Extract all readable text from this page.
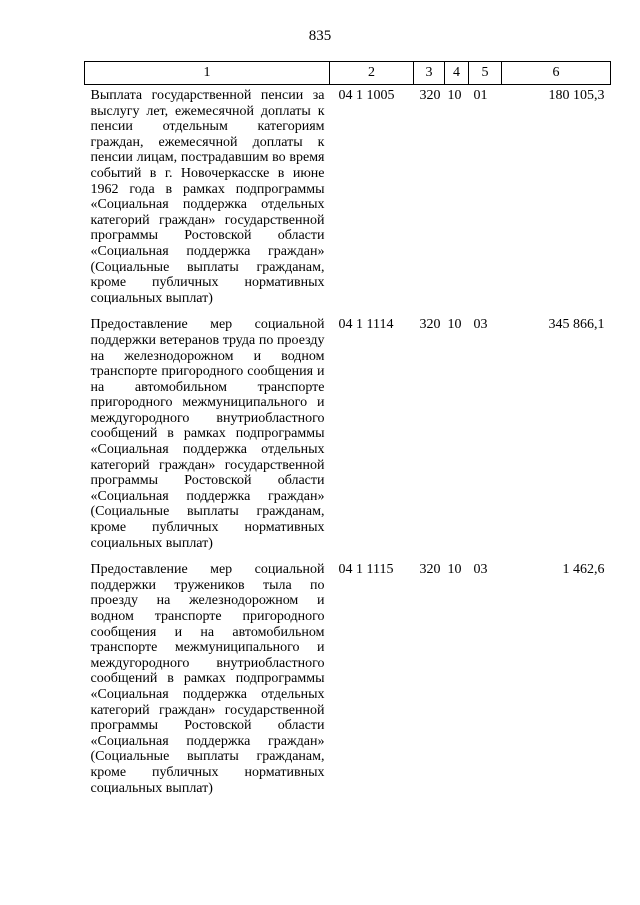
835
1	2	3	4	5	6
Выплата государственной пенсии за выслугу лет, ежемесячной доплаты к пенсии отдельным категориям граждан, ежемесячной доплаты к пенсии лицам, пострадавшим во время событий в г. Новочеркасске в июне 1962 года в рамках подпрограммы «Социальная поддержка отдельных категорий граждан» государственной программы Ростовской области «Социальная поддержка граждан» (Социальные выплаты гражданам, кроме публичных нормативных социальных выплат)	04 1 1005	320	10	01	180 105,3
Предоставление мер социальной поддержки ветеранов труда по проезду на железнодорожном и водном транспорте пригородного сообщения и на автомобильном транспорте пригородного межмуниципального и междугородного внутриобластного сообщений в рамках подпрограммы «Социальная поддержка отдельных категорий граждан» государственной программы Ростовской области «Социальная поддержка граждан» (Социальные выплаты гражданам, кроме публичных нормативных социальных выплат)	04 1 1114	320	10	03	345 866,1
Предоставление мер социальной поддержки тружеников тыла по проезду на железнодорожном и водном транспорте пригородного сообщения и на автомобильном транспорте межмуниципального и междугородного внутриобластного сообщений в рамках подпрограммы «Социальная поддержка отдельных категорий граждан» государственной программы Ростовской области «Социальная поддержка граждан» (Социальные выплаты гражданам, кроме публичных нормативных социальных выплат)	04 1 1115	320	10	03	1 462,6
